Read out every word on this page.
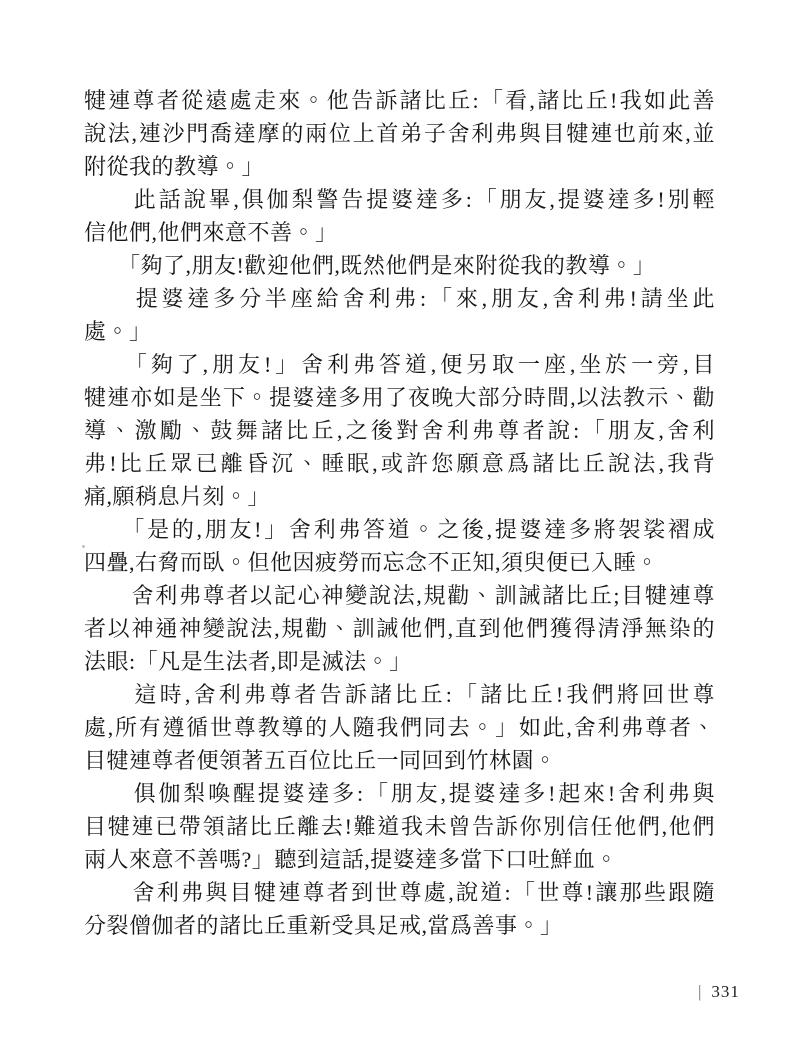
犍連尊者從遠處走來。他告訴諸比丘:「看,諸比丘!我如此善
說法,連沙門喬達摩的兩位上首弟子舍利弗與目犍連也前來,並
附從我的教導。」
　　此話說畢,俱伽梨警告提婆達多:「朋友,提婆達多!別輕
信他們,他們來意不善。」
　　「夠了,朋友!歡迎他們,既然他們是來附從我的教導。」
　　提婆達多分半座給舍利弗:「來,朋友,舍利弗!請坐此
處。」
　　「夠了,朋友!」舍利弗答道,便另取一座,坐於一旁,目
犍連亦如是坐下。提婆達多用了夜晚大部分時間,以法教示、勸
導、激勵、鼓舞諸比丘,之後對舍利弗尊者說:「朋友,舍利
弗!比丘眾已離昏沉、睡眠,或許您願意爲諸比丘說法,我背
痛,願稍息片刻。」
　　「是的,朋友!」舍利弗答道。之後,提婆達多將袈裟褶成
四疊,右脅而臥。但他因疲勞而忘念不正知,須臾便已入睡。
　　舍利弗尊者以記心神變說法,規勸、訓誡諸比丘;目犍連尊
者以神通神變說法,規勸、訓誡他們,直到他們獲得清淨無染的
法眼:「凡是生法者,即是滅法。」
　　這時,舍利弗尊者告訴諸比丘:「諸比丘!我們將回世尊
處,所有遵循世尊教導的人隨我們同去。」如此,舍利弗尊者、
目犍連尊者便領著五百位比丘一同回到竹林園。
　　俱伽梨喚醒提婆達多:「朋友,提婆達多!起來!舍利弗與
目犍連已帶領諸比丘離去!難道我未曾告訴你別信任他們,他們
兩人來意不善嗎?」聽到這話,提婆達多當下口吐鮮血。
　　舍利弗與目犍連尊者到世尊處,說道:「世尊!讓那些跟隨
分裂僧伽者的諸比丘重新受具足戒,當爲善事。」
| 331
